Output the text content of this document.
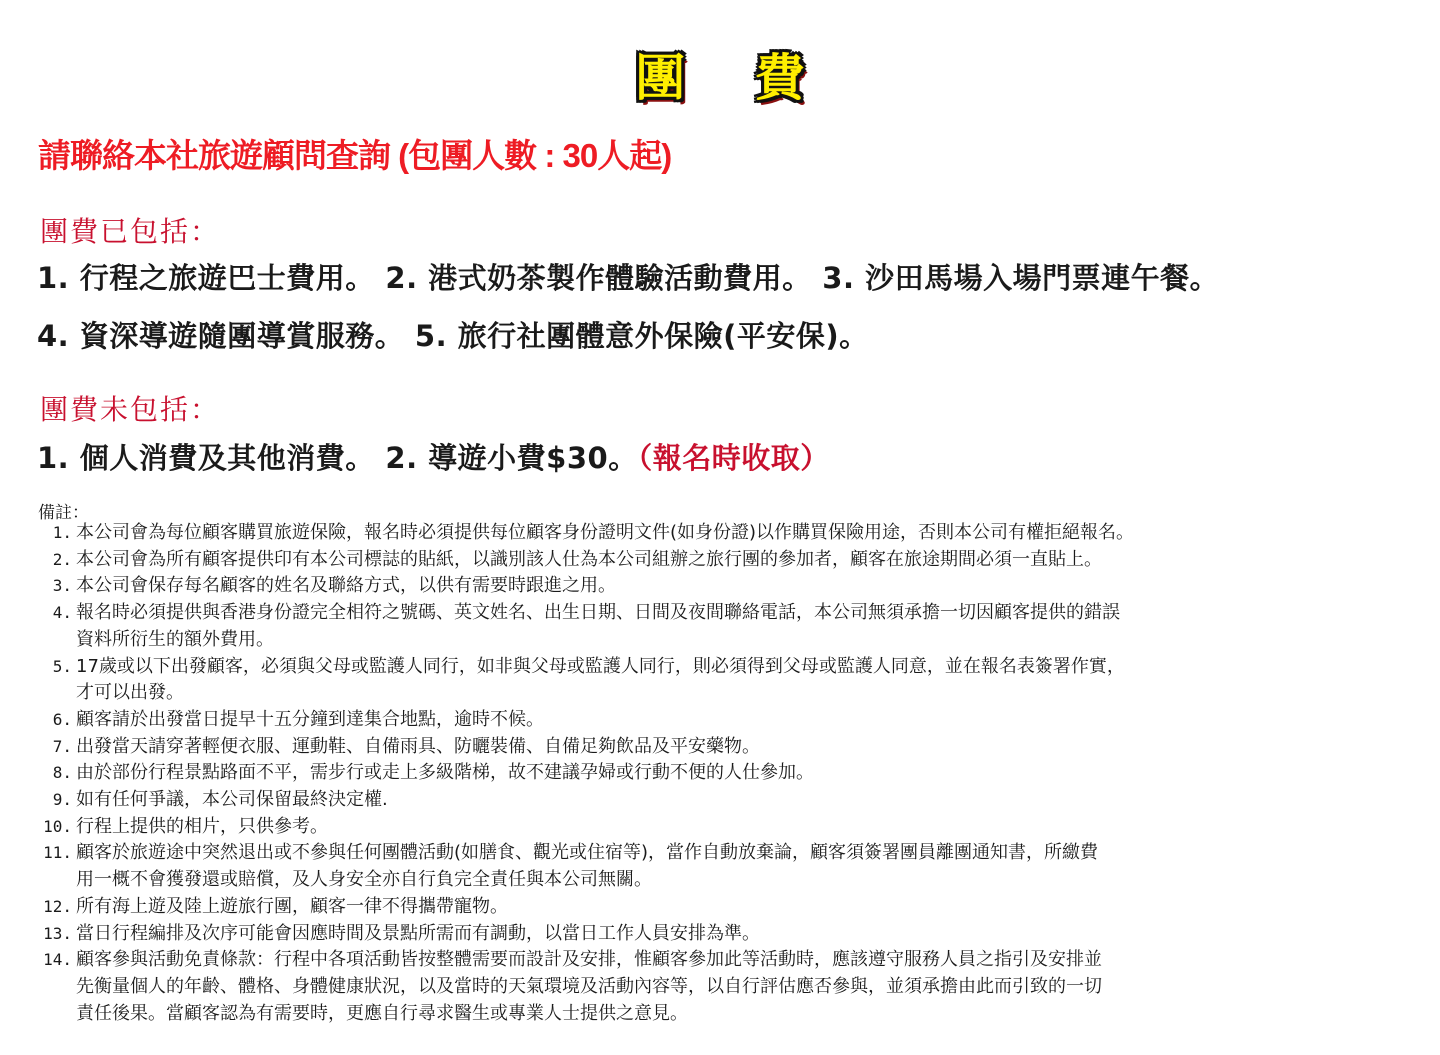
團 費
請聯絡本社旅遊顧問查詢 (包團人數 : 30人起)
團費已包括：
1. 行程之旅遊巴士費用。 2. 港式奶茶製作體驗活動費用。 3. 沙田馬場入場門票連午餐。
4. 資深導遊隨團導賞服務。 5. 旅行社團體意外保險(平安保)。
團費未包括：
1. 個人消費及其他消費。 2. 導遊小費$30。（報名時收取）
備註：
1. 本公司會為每位顧客購買旅遊保險，報名時必須提供每位顧客身份證明文件(如身份證)以作購買保險用途，否則本公司有權拒絕報名。
2. 本公司會為所有顧客提供印有本公司標誌的貼紙，以識別該人仕為本公司組辦之旅行團的參加者，顧客在旅途期間必須一直貼上。
3. 本公司會保存每名顧客的姓名及聯絡方式，以供有需要時跟進之用。
4. 報名時必須提供與香港身份證完全相符之號碼、英文姓名、出生日期、日間及夜間聯絡電話，本公司無須承擔一切因顧客提供的錯誤
資料所衍生的額外費用。
5. 17歲或以下出發顧客，必須與父母或監護人同行，如非與父母或監護人同行，則必須得到父母或監護人同意，並在報名表簽署作實，
才可以出發。
6. 顧客請於出發當日提早十五分鐘到達集合地點，逾時不候。
7. 出發當天請穿著輕便衣服、運動鞋、自備雨具、防曬裝備、自備足夠飲品及平安藥物。
8. 由於部份行程景點路面不平，需步行或走上多級階梯，故不建議孕婦或行動不便的人仕參加。
9. 如有任何爭議，本公司保留最終決定權.
10. 行程上提供的相片，只供參考。
11. 顧客於旅遊途中突然退出或不參與任何團體活動(如膳食、觀光或住宿等)，當作自動放棄論，顧客須簽署團員離團通知書，所繳費
用一概不會獲發還或賠償，及人身安全亦自行負完全責任與本公司無關。
12. 所有海上遊及陸上遊旅行團，顧客一律不得攜帶寵物。
13. 當日行程編排及次序可能會因應時間及景點所需而有調動，以當日工作人員安排為準。
14. 顧客參與活動免責條款：行程中各項活動皆按整體需要而設計及安排，惟顧客參加此等活動時，應該遵守服務人員之指引及安排並
先衡量個人的年齡、體格、身體健康狀況，以及當時的天氣環境及活動內容等，以自行評估應否參與，並須承擔由此而引致的一切
責任後果。當顧客認為有需要時，更應自行尋求醫生或專業人士提供之意見。
